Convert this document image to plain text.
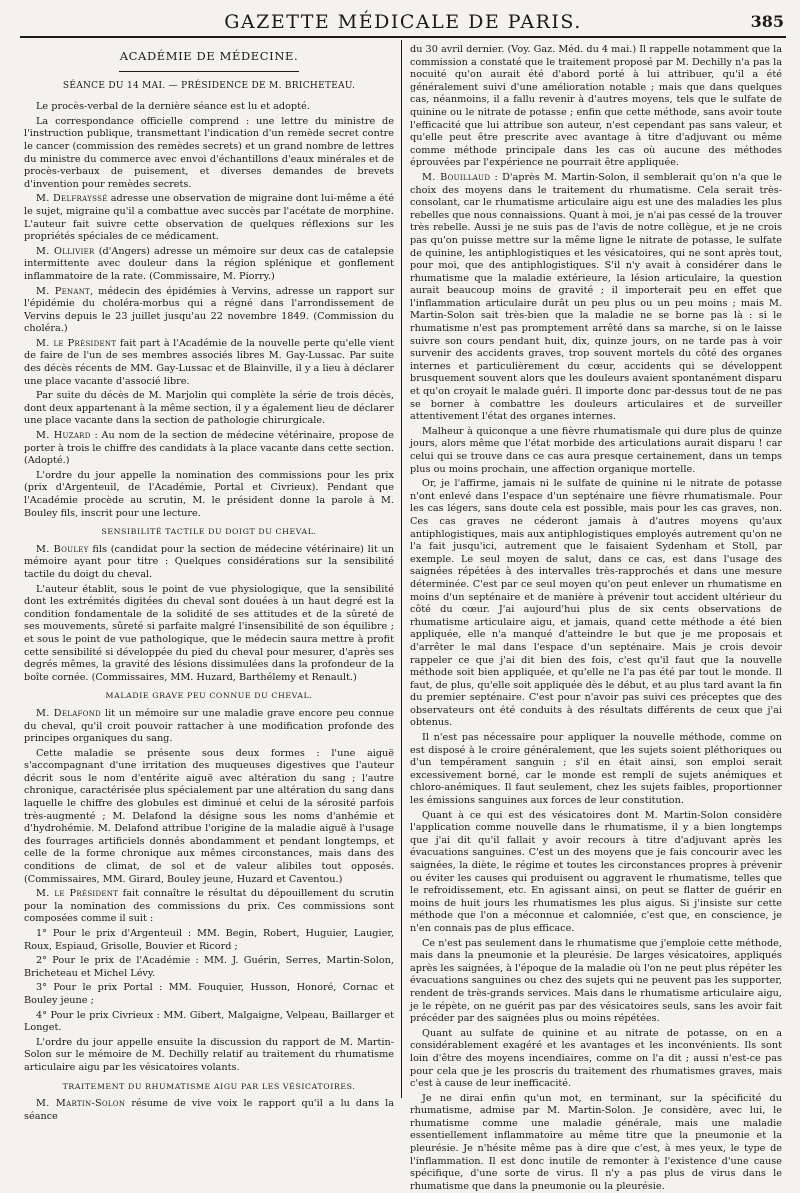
GAZETTE MÉDICALE DE PARIS.	385
ACADÉMIE DE MÉDECINE.
SÉANCE DU 14 MAI. — PRÉSIDENCE DE M. BRICHETEAU.

Le procès-verbal de la dernière séance est lu et adopté.

La correspondance officielle comprend : une lettre du ministre de l'instruction publique, transmettant l'indication d'un remède secret contre le cancer (commission des remèdes secrets) et un grand nombre de lettres du ministre du commerce avec envoi d'échantillons d'eaux minérales et de procès-verbaux de puisement, et diverses demandes de brevets d'invention pour remèdes secrets.

M. Delfrayssé adresse une observation de migraine dont lui-même a été le sujet, migraine qu'il a combattue avec succès par l'acétate de morphine. L'auteur fait suivre cette observation de quelques réflexions sur les propriétés spéciales de ce médicament.

M. Ollivier (d'Angers) adresse un mémoire sur deux cas de catalepsie intermittente avec douleur dans la région splénique et gonflement inflammatoire de la rate. (Commissaire, M. Piorry.)

M. Penant, médecin des épidémies à Vervins, adresse un rapport sur l'épidémie du choléra-morbus qui a régné dans l'arrondissement de Vervins depuis le 23 juillet jusqu'au 22 novembre 1849. (Commission du choléra.)

M. le Président fait part à l'Académie de la nouvelle perte qu'elle vient de faire de l'un de ses membres associés libres M. Gay-Lussac. Par suite des décès récents de MM. Gay-Lussac et de Blainville, il y a lieu à déclarer une place vacante d'associé libre.

Par suite du décès de M. Marjolin qui complète la série de trois décès, dont deux appartenant à la même section, il y a également lieu de déclarer une place vacante dans la section de pathologie chirurgicale.

M. Huzard : Au nom de la section de médecine vétérinaire, propose de porter à trois le chiffre des candidats à la place vacante dans cette section. (Adopté.)

L'ordre du jour appelle la nomination des commissions pour les prix (prix d'Argenteuil, de l'Académie, Portal et Civrieux). Pendant que l'Académie procède au scrutin, M. le président donne la parole à M. Bouley fils, inscrit pour une lecture.

SENSIBILITÉ TACTILE DU DOIGT DU CHEVAL.

M. Bouley fils (candidat pour la section de médecine vétérinaire) lit un mémoire ayant pour titre : Quelques considérations sur la sensibilité tactile du doigt du cheval.

L'auteur établit, sous le point de vue physiologique, que la sensibilité dont les extrémités digitées du cheval sont douées à un haut degré est la condition fondamentale de la solidité de ses attitudes et de la sûreté de ses mouvements, sûreté si parfaite malgré l'insensibilité de son équilibre ; et sous le point de vue pathologique, que le médecin saura mettre à profit cette sensibilité si développée du pied du cheval pour mesurer, d'après ses degrés mêmes, la gravité des lésions dissimulées dans la profondeur de la boîte cornée. (Commissaires, MM. Huzard, Barthélemy et Renault.)

MALADIE GRAVE PEU CONNUE DU CHEVAL.

M. Delafond lit un mémoire sur une maladie grave encore peu connue du cheval, qu'il croit pouvoir rattacher à une modification profonde des principes organiques du sang.

Cette maladie se présente sous deux formes : l'une aiguë s'accompagnant d'une irritation des muqueuses digestives que l'auteur décrit sous le nom d'entérite aiguë avec altération du sang ; l'autre chronique, caractérisée plus spécialement par une altération du sang dans laquelle le chiffre des globules est diminué et celui de la sérosité parfois très-augmenté ; M. Delafond la désigne sous les noms d'anhémie et d'hydrohémie. M. Delafond attribue l'origine de la maladie aiguë à l'usage des fourrages artificiels donnés abondamment et pendant longtemps, et celle de la forme chronique aux mêmes circonstances, mais dans des conditions de climat, de sol et de valeur alibiles tout opposés. (Commissaires, MM. Girard, Bouley jeune, Huzard et Caventou.)

M. le Président fait connaître le résultat du dépouillement du scrutin pour la nomination des commissions du prix. Ces commissions sont composées comme il suit :

1° Pour le prix d'Argenteuil : MM. Begin, Robert, Huguier, Laugier, Roux, Espiaud, Grisolle, Bouvier et Ricord ;

2° Pour le prix de l'Académie : MM. J. Guérin, Serres, Martin-Solon, Bricheteau et Michel Lévy.

3° Pour le prix Portal : MM. Fouquier, Husson, Honoré, Cornac et Bouley jeune ;

4° Pour le prix Civrieux : MM. Gibert, Malgaigne, Velpeau, Baillarger et Longet.

L'ordre du jour appelle ensuite la discussion du rapport de M. Martin-Solon sur le mémoire de M. Dechilly relatif au traitement du rhumatisme articulaire aigu par les vésicatoires volants.

TRAITEMENT DU RHUMATISME AIGU PAR LES VÉSICATOIRES.

M. Martin-Solon résume de vive voix le rapport qu'il a lu dans la séance

du 30 avril dernier. (Voy. Gaz. Méd. du 4 mai.) Il rappelle notamment que la commission a constaté que le traitement proposé par M. Dechilly n'a pas la nocuité qu'on aurait été d'abord porté à lui attribuer, qu'il a été généralement suivi d'une amélioration notable ; mais que dans quelques cas, néanmoins, il a fallu revenir à d'autres moyens, tels que le sulfate de quinine ou le nitrate de potasse ; enfin que cette méthode, sans avoir toute l'efficacité que lui attribue son auteur, n'est cependant pas sans valeur, et qu'elle peut être prescrite avec avantage à titre d'adjuvant ou même comme méthode principale dans les cas où aucune des méthodes éprouvées par l'expérience ne pourrait être appliquée.

M. Bouillaud : D'après M. Martin-Solon, il semblerait qu'on n'a que le choix des moyens dans le traitement du rhumatisme. Cela serait très-consolant, car le rhumatisme articulaire aigu est une des maladies les plus rebelles que nous connaissions. Quant à moi, je n'ai pas cessé de la trouver très rebelle. Aussi je ne suis pas de l'avis de notre collègue, et je ne crois pas qu'on puisse mettre sur la même ligne le nitrate de potasse, le sulfate de quinine, les antiphlogistiques et les vésicatoires, qui ne sont après tout, pour moi, que des antiphlogistiques. S'il n'y avait à considérer dans le rhumatisme que la maladie extérieure, la lésion articulaire, la question aurait beaucoup moins de gravité ; il importerait peu en effet que l'inflammation articulaire durât un peu plus ou un peu moins ; mais M. Martin-Solon sait très-bien que la maladie ne se borne pas là : si le rhumatisme n'est pas promptement arrêté dans sa marche, si on le laisse suivre son cours pendant huit, dix, quinze jours, on ne tarde pas à voir survenir des accidents graves, trop souvent mortels du côté des organes internes et particulièrement du cœur, accidents qui se développent brusquement souvent alors que les douleurs avaient spontanément disparu et qu'on croyait le malade guéri. Il importe donc par-dessus tout de ne pas se borner à combattre les douleurs articulaires et de surveiller attentivement l'état des organes internes.

Malheur à quiconque a une fièvre rhumatismale qui dure plus de quinze jours, alors même que l'état morbide des articulations aurait disparu ! car celui qui se trouve dans ce cas aura presque certainement, dans un temps plus ou moins prochain, une affection organique mortelle.

Or, je l'affirme, jamais ni le sulfate de quinine ni le nitrate de potasse n'ont enlevé dans l'espace d'un septénaire une fièvre rhumatismale. Pour les cas légers, sans doute cela est possible, mais pour les cas graves, non. Ces cas graves ne céderont jamais à d'autres moyens qu'aux antiphlogistiques, mais aux antiphlogistiques employés autrement qu'on ne l'a fait jusqu'ici, autrement que le faisaient Sydenham et Stoll, par exemple. Le seul moyen de salut, dans ce cas, est dans l'usage des saignées répétées à des intervalles très-rapprochés et dans une mesure déterminée. C'est par ce seul moyen qu'on peut enlever un rhumatisme en moins d'un septénaire et de manière à prévenir tout accident ultérieur du côté du cœur. J'ai aujourd'hui plus de six cents observations de rhumatisme articulaire aigu, et jamais, quand cette méthode a été bien appliquée, elle n'a manqué d'atteindre le but que je me proposais et d'arrêter le mal dans l'espace d'un septénaire. Mais je crois devoir rappeler ce que j'ai dit bien des fois, c'est qu'il faut que la nouvelle méthode soit bien appliquée, et qu'elle ne l'a pas été par tout le monde. Il faut, de plus, qu'elle soit appliquée dès le début, et au plus tard avant la fin du premier septénaire. C'est pour n'avoir pas suivi ces préceptes que des observateurs ont été conduits à des résultats différents de ceux que j'ai obtenus.

Il n'est pas nécessaire pour appliquer la nouvelle méthode, comme on est disposé à le croire généralement, que les sujets soient pléthoriques ou d'un tempérament sanguin ; s'il en était ainsi, son emploi serait excessivement borné, car le monde est rempli de sujets anémiques et chloro-anémiques. Il faut seulement, chez les sujets faibles, proportionner les émissions sanguines aux forces de leur constitution.

Quant à ce qui est des vésicatoires dont M. Martin-Solon considère l'application comme nouvelle dans le rhumatisme, il y a bien longtemps que j'ai dit qu'il fallait y avoir recours à titre d'adjuvant après les évacuations sanguines. C'est un des moyens que je fais concourir avec les saignées, la diète, le régime et toutes les circonstances propres à prévenir ou éviter les causes qui produisent ou aggravent le rhumatisme, telles que le refroidissement, etc. En agissant ainsi, on peut se flatter de guérir en moins de huit jours les rhumatismes les plus aigus. Si j'insiste sur cette méthode que l'on a méconnue et calomniée, c'est que, en conscience, je n'en connais pas de plus efficace.

Ce n'est pas seulement dans le rhumatisme que j'emploie cette méthode, mais dans la pneumonie et la pleurésie. De larges vésicatoires, appliqués après les saignées, à l'époque de la maladie où l'on ne peut plus répéter les évacuations sanguines ou chez des sujets qui ne peuvent pas les supporter, rendent de très-grands services. Mais dans le rhumatisme articulaire aigu, je le répète, on ne guérit pas par des vésicatoires seuls, sans les avoir fait précéder par des saignées plus ou moins répétées.

Quant au sulfate de quinine et au nitrate de potasse, on en a considérablement exagéré et les avantages et les inconvénients. Ils sont loin d'être des moyens incendiaires, comme on l'a dit ; aussi n'est-ce pas pour cela que je les proscris du traitement des rhumatismes graves, mais c'est à cause de leur inefficacité.

Je ne dirai enfin qu'un mot, en terminant, sur la spécificité du rhumatisme, admise par M. Martin-Solon. Je considère, avec lui, le rhumatisme comme une maladie générale, mais une maladie essentiellement inflammatoire au même titre que la pneumonie et la pleurésie. Je n'hésite même pas à dire que c'est, à mes yeux, le type de l'inflammation. Il est donc inutile de remonter à l'existence d'une cause spécifique, d'une sorte de virus. Il n'y a pas plus de virus dans le rhumatisme que dans la pneumonie ou la pleurésie.
